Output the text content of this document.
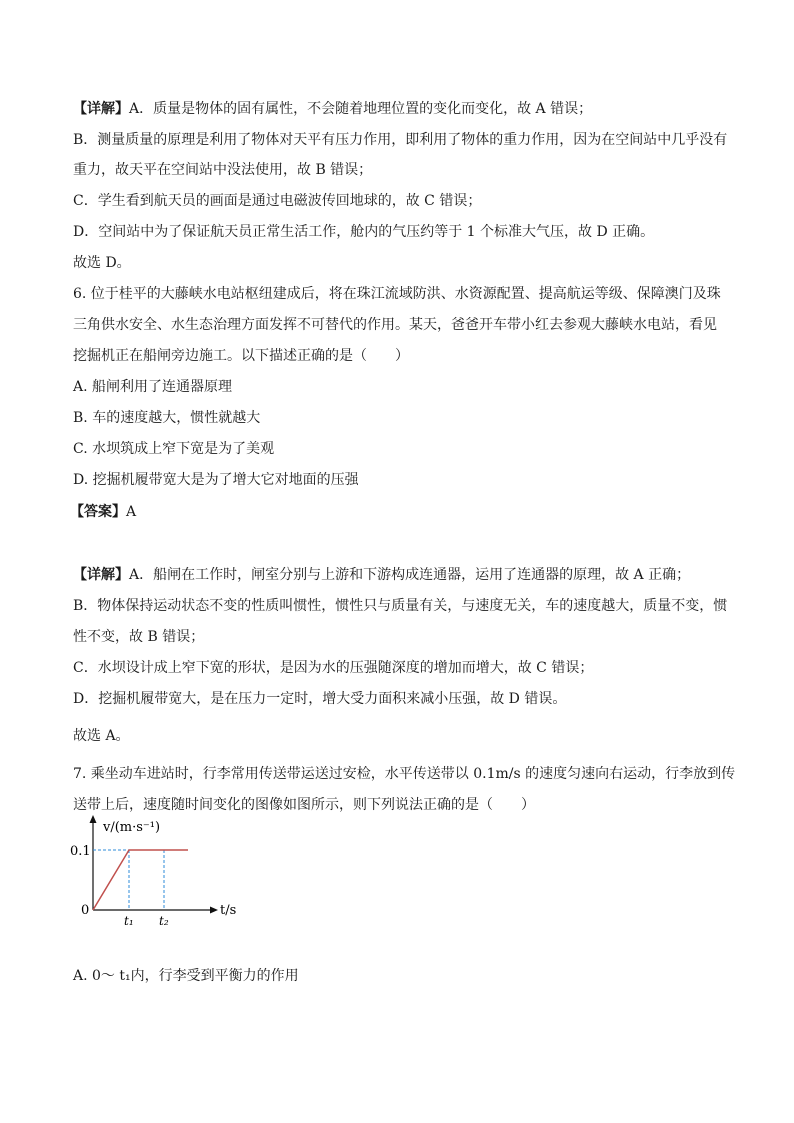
【详解】A．质量是物体的固有属性，不会随着地理位置的变化而变化，故 A 错误；
B．测量质量的原理是利用了物体对天平有压力作用，即利用了物体的重力作用，因为在空间站中几乎没有
重力，故天平在空间站中没法使用，故 B 错误；
C．学生看到航天员的画面是通过电磁波传回地球的，故 C 错误；
D．空间站中为了保证航天员正常生活工作，舱内的气压约等于 1 个标准大气压，故 D 正确。
故选 D。
6. 位于桂平的大藤峡水电站枢纽建成后，将在珠江流域防洪、水资源配置、提高航运等级、保障澳门及珠
三角供水安全、水生态治理方面发挥不可替代的作用。某天，爸爸开车带小红去参观大藤峡水电站，看见
挖掘机正在船闸旁边施工。以下描述正确的是（　　）
A. 船闸利用了连通器原理
B. 车的速度越大，惯性就越大
C. 水坝筑成上窄下宽是为了美观
D. 挖掘机履带宽大是为了增大它对地面的压强
【答案】A
【详解】A．船闸在工作时，闸室分别与上游和下游构成连通器，运用了连通器的原理，故 A 正确；
B．物体保持运动状态不变的性质叫惯性，惯性只与质量有关，与速度无关，车的速度越大，质量不变，惯
性不变，故 B 错误；
C．水坝设计成上窄下宽的形状，是因为水的压强随深度的增加而增大，故 C 错误；
D．挖掘机履带宽大，是在压力一定时，增大受力面积来减小压强，故 D 错误。
故选 A。
7. 乘坐动车进站时，行李常用传送带运送过安检，水平传送带以 0.1m/s 的速度匀速向右运动，行李放到传
送带上后，速度随时间变化的图像如图所示，则下列说法正确的是（　　）
v/(m·s⁻¹)
t/s
0
0.1
t₁ t₂
A. 0～ t₁内，行李受到平衡力的作用
